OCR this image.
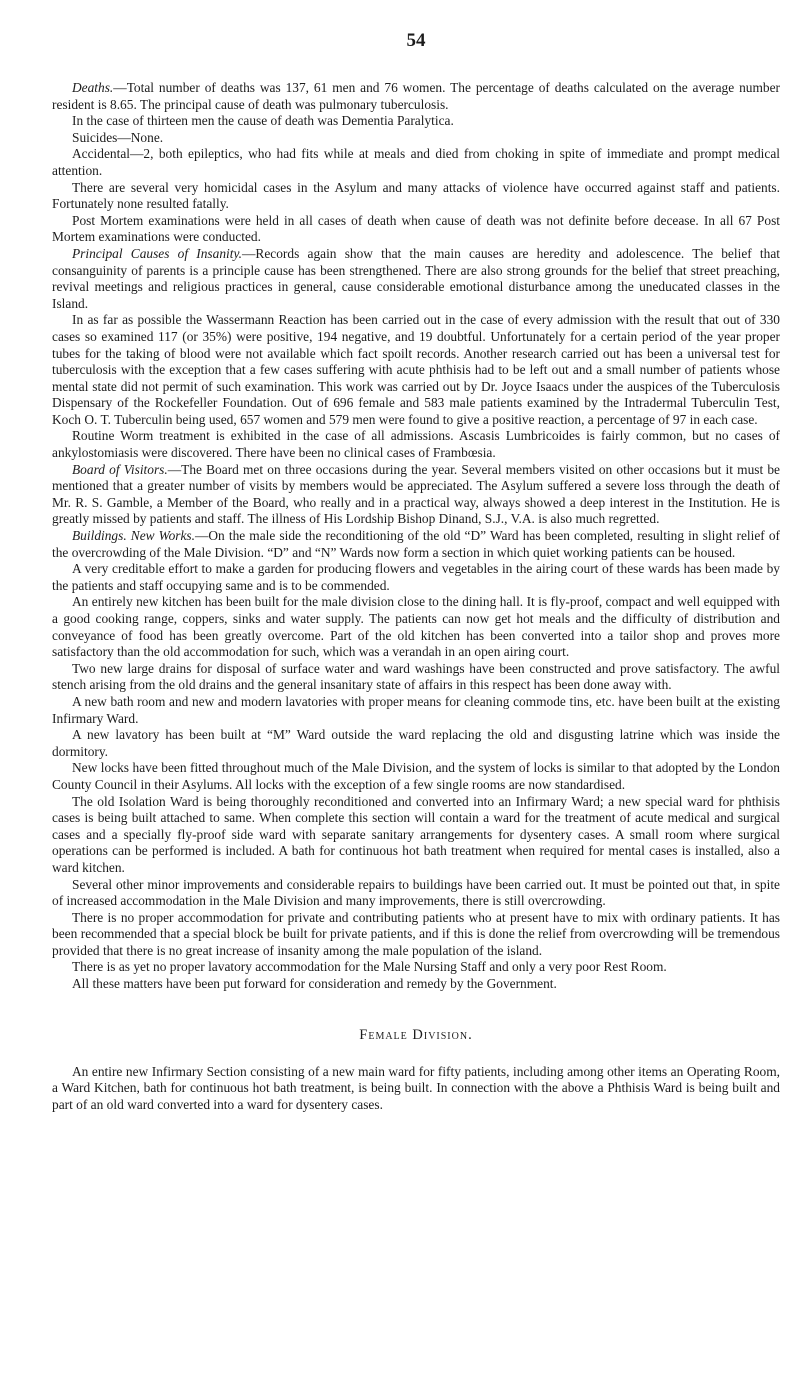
54

Deaths.—Total number of deaths was 137, 61 men and 76 women. The percentage of deaths calculated on the average number resident is 8.65. The principal cause of death was pulmonary tuberculosis.

In the case of thirteen men the cause of death was Dementia Paralytica.

Suicides—None.

Accidental—2, both epileptics, who had fits while at meals and died from choking in spite of immediate and prompt medical attention.

There are several very homicidal cases in the Asylum and many attacks of violence have occurred against staff and patients. Fortunately none resulted fatally.

Post Mortem examinations were held in all cases of death when cause of death was not definite before decease. In all 67 Post Mortem examinations were conducted.

Principal Causes of Insanity.—Records again show that the main causes are heredity and adolescence. The belief that consanguinity of parents is a principle cause has been strengthened. There are also strong grounds for the belief that street preaching, revival meetings and religious practices in general, cause considerable emotional disturbance among the uneducated classes in the Island.

In as far as possible the Wassermann Reaction has been carried out in the case of every admission with the result that out of 330 cases so examined 117 (or 35%) were positive, 194 negative, and 19 doubtful. Unfortunately for a certain period of the year proper tubes for the taking of blood were not available which fact spoilt records. Another research carried out has been a universal test for tuberculosis with the exception that a few cases suffering with acute phthisis had to be left out and a small number of patients whose mental state did not permit of such examination. This work was carried out by Dr. Joyce Isaacs under the auspices of the Tuberculosis Dispensary of the Rockefeller Foundation. Out of 696 female and 583 male patients examined by the Intradermal Tuberculin Test, Koch O. T. Tuberculin being used, 657 women and 579 men were found to give a positive reaction, a percentage of 97 in each case.

Routine Worm treatment is exhibited in the case of all admissions. Ascasis Lumbricoides is fairly common, but no cases of ankylostomiasis were discovered. There have been no clinical cases of Frambœsia.

Board of Visitors.—The Board met on three occasions during the year. Several members visited on other occasions but it must be mentioned that a greater number of visits by members would be appreciated. The Asylum suffered a severe loss through the death of Mr. R. S. Gamble, a Member of the Board, who really and in a practical way, always showed a deep interest in the Institution. He is greatly missed by patients and staff. The illness of His Lordship Bishop Dinand, S.J., V.A. is also much regretted.

Buildings. New Works.—On the male side the reconditioning of the old “D” Ward has been completed, resulting in slight relief of the overcrowding of the Male Division. “D” and “N” Wards now form a section in which quiet working patients can be housed.

A very creditable effort to make a garden for producing flowers and vegetables in the airing court of these wards has been made by the patients and staff occupying same and is to be commended.

An entirely new kitchen has been built for the male division close to the dining hall. It is fly-proof, compact and well equipped with a good cooking range, coppers, sinks and water supply. The patients can now get hot meals and the difficulty of distribution and conveyance of food has been greatly overcome. Part of the old kitchen has been converted into a tailor shop and proves more satisfactory than the old accommodation for such, which was a verandah in an open airing court.

Two new large drains for disposal of surface water and ward washings have been constructed and prove satisfactory. The awful stench arising from the old drains and the general insanitary state of affairs in this respect has been done away with.

A new bath room and new and modern lavatories with proper means for cleaning commode tins, etc. have been built at the existing Infirmary Ward.

A new lavatory has been built at “M” Ward outside the ward replacing the old and disgusting latrine which was inside the dormitory.

New locks have been fitted throughout much of the Male Division, and the system of locks is similar to that adopted by the London County Council in their Asylums. All locks with the exception of a few single rooms are now standardised.

The old Isolation Ward is being thoroughly reconditioned and converted into an Infirmary Ward; a new special ward for phthisis cases is being built attached to same. When complete this section will contain a ward for the treatment of acute medical and surgical cases and a specially fly-proof side ward with separate sanitary arrangements for dysentery cases. A small room where surgical operations can be performed is included. A bath for continuous hot bath treatment when required for mental cases is installed, also a ward kitchen.

Several other minor improvements and considerable repairs to buildings have been carried out. It must be pointed out that, in spite of increased accommodation in the Male Division and many improvements, there is still overcrowding.

There is no proper accommodation for private and contributing patients who at present have to mix with ordinary patients. It has been recommended that a special block be built for private patients, and if this is done the relief from overcrowding will be tremendous provided that there is no great increase of insanity among the male population of the island.

There is as yet no proper lavatory accommodation for the Male Nursing Staff and only a very poor Rest Room.

All these matters have been put forward for consideration and remedy by the Government.

Female Division.

An entire new Infirmary Section consisting of a new main ward for fifty patients, including among other items an Operating Room, a Ward Kitchen, bath for continuous hot bath treatment, is being built. In connection with the above a Phthisis Ward is being built and part of an old ward converted into a ward for dysentery cases.
